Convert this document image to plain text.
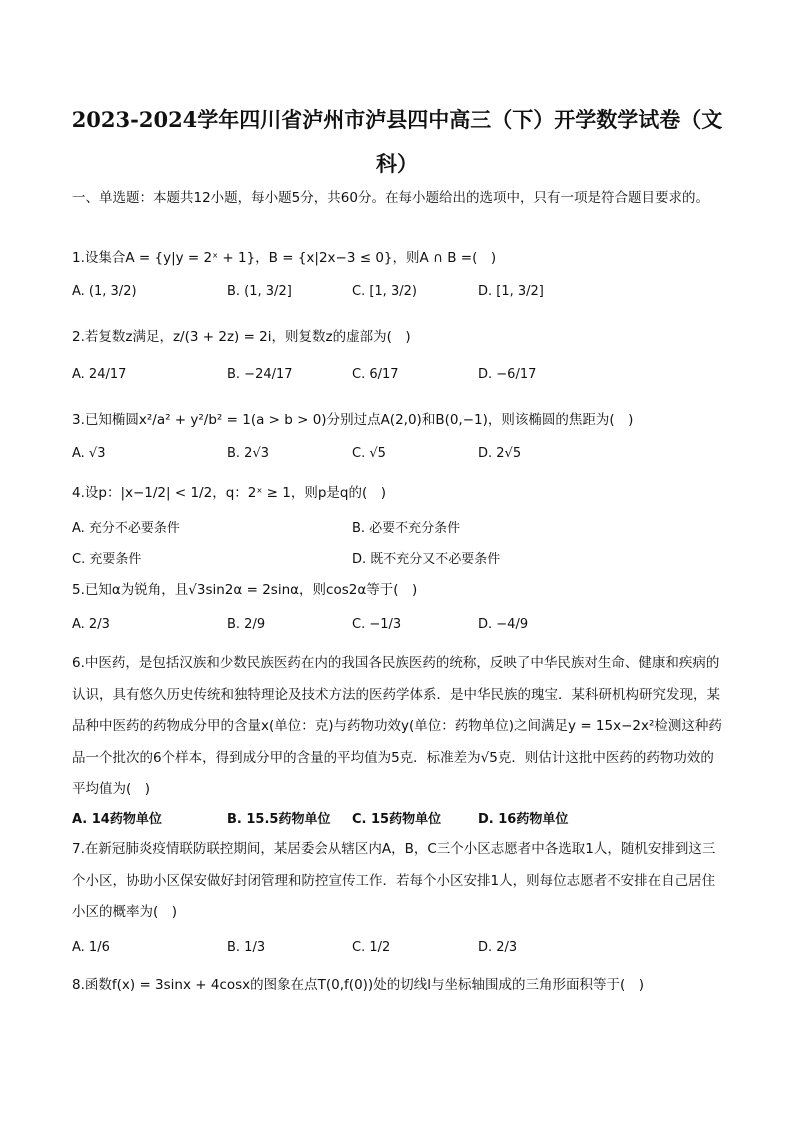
2023-2024学年四川省泸州市泸县四中高三（下）开学数学试卷（文
科）
一、单选题：本题共12小题，每小题5分，共60分。在每小题给出的选项中，只有一项是符合题目要求的。
1.设集合A = {y|y = 2ˣ + 1}，B = {x|2x−3 ≤ 0}，则A ∩ B =(　)
A. (1, 3/2)	B. (1, 3/2]	C. [1, 3/2)	D. [1, 3/2]
2.若复数z满足，z/(3 + 2z) = 2i，则复数z的虚部为(　)
A. 24/17	B. −24/17	C. 6/17	D. −6/17
3.已知椭圆x²/a² + y²/b² = 1(a > b > 0)分别过点A(2,0)和B(0,−1)，则该椭圆的焦距为(　)
A. √3	B. 2√3	C. √5	D. 2√5
4.设p：|x−1/2| < 1/2，q：2ˣ ≥ 1，则p是q的(　)
A. 充分不必要条件	B. 必要不充分条件
C. 充要条件	D. 既不充分又不必要条件
5.已知α为锐角，且√3sin2α = 2sinα，则cos2α等于(　)
A. 2/3	B. 2/9	C. −1/3	D. −4/9
6.中医药，是包括汉族和少数民族医药在内的我国各民族医药的统称，反映了中华民族对生命、健康和疾病的认识，具有悠久历史传统和独特理论及技术方法的医药学体系．是中华民族的瑰宝．某科研机构研究发现，某品种中医药的药物成分甲的含量x(单位：克)与药物功效y(单位：药物单位)之间满足y = 15x−2x²检测这种药品一个批次的6个样本，得到成分甲的含量的平均值为5克．标准差为√5克．则估计这批中医药的药物功效的平均值为(　)
A. 14药物单位	B. 15.5药物单位 C. 15药物单位	D. 16药物单位
7.在新冠肺炎疫情联防联控期间，某居委会从辖区内A，B，C三个小区志愿者中各选取1人，随机安排到这三个小区，协助小区保安做好封闭管理和防控宣传工作．若每个小区安排1人，则每位志愿者不安排在自己居住小区的概率为(　)
A. 1/6	B. 1/3	C. 1/2	D. 2/3
8.函数f(x) = 3sinx + 4cosx的图象在点T(0,f(0))处的切线l与坐标轴围成的三角形面积等于(　)
